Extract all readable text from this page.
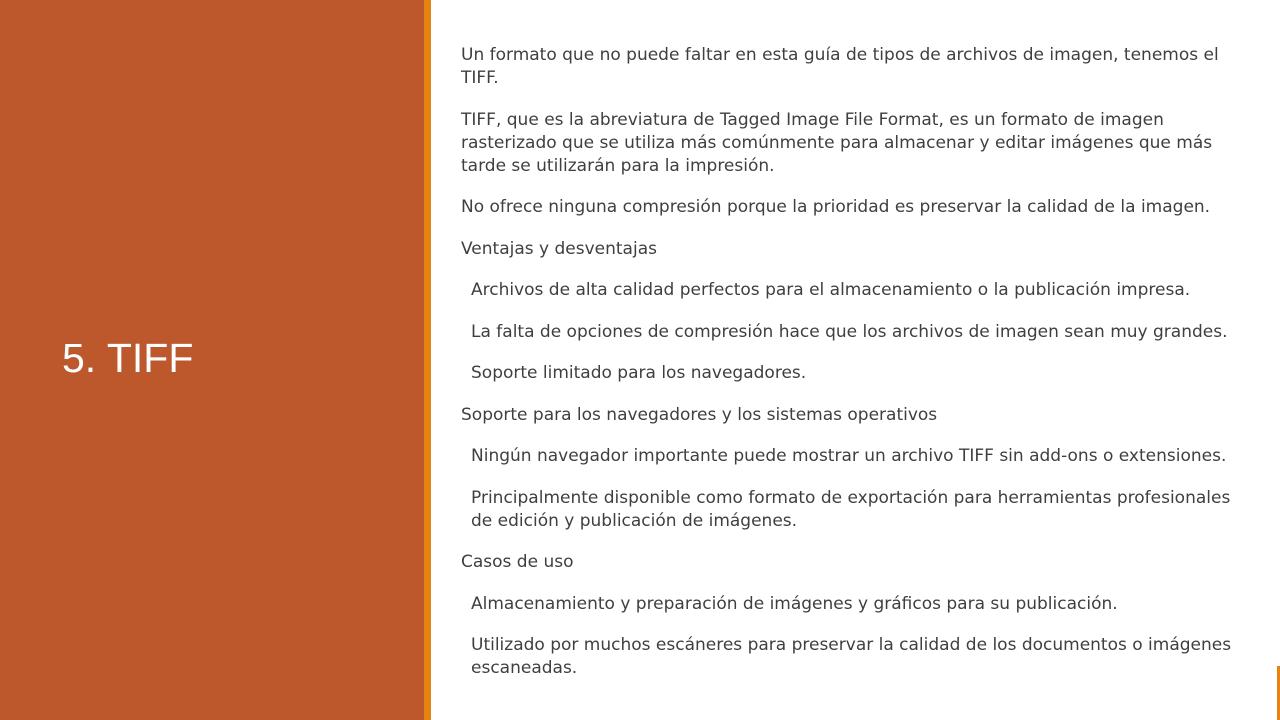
5. TIFF

Un formato que no puede faltar en esta guía de tipos de archivos de imagen, tenemos el TIFF.

TIFF, que es la abreviatura de Tagged Image File Format, es un formato de imagen rasterizado que se utiliza más comúnmente para almacenar y editar imágenes que más tarde se utilizarán para la impresión.

No ofrece ninguna compresión porque la prioridad es preservar la calidad de la imagen.

Ventajas y desventajas

Archivos de alta calidad perfectos para el almacenamiento o la publicación impresa.

La falta de opciones de compresión hace que los archivos de imagen sean muy grandes.

Soporte limitado para los navegadores.

Soporte para los navegadores y los sistemas operativos

Ningún navegador importante puede mostrar un archivo TIFF sin add-ons o extensiones.

Principalmente disponible como formato de exportación para herramientas profesionales de edición y publicación de imágenes.

Casos de uso

Almacenamiento y preparación de imágenes y gráficos para su publicación.

Utilizado por muchos escáneres para preservar la calidad de los documentos o imágenes escaneadas.
